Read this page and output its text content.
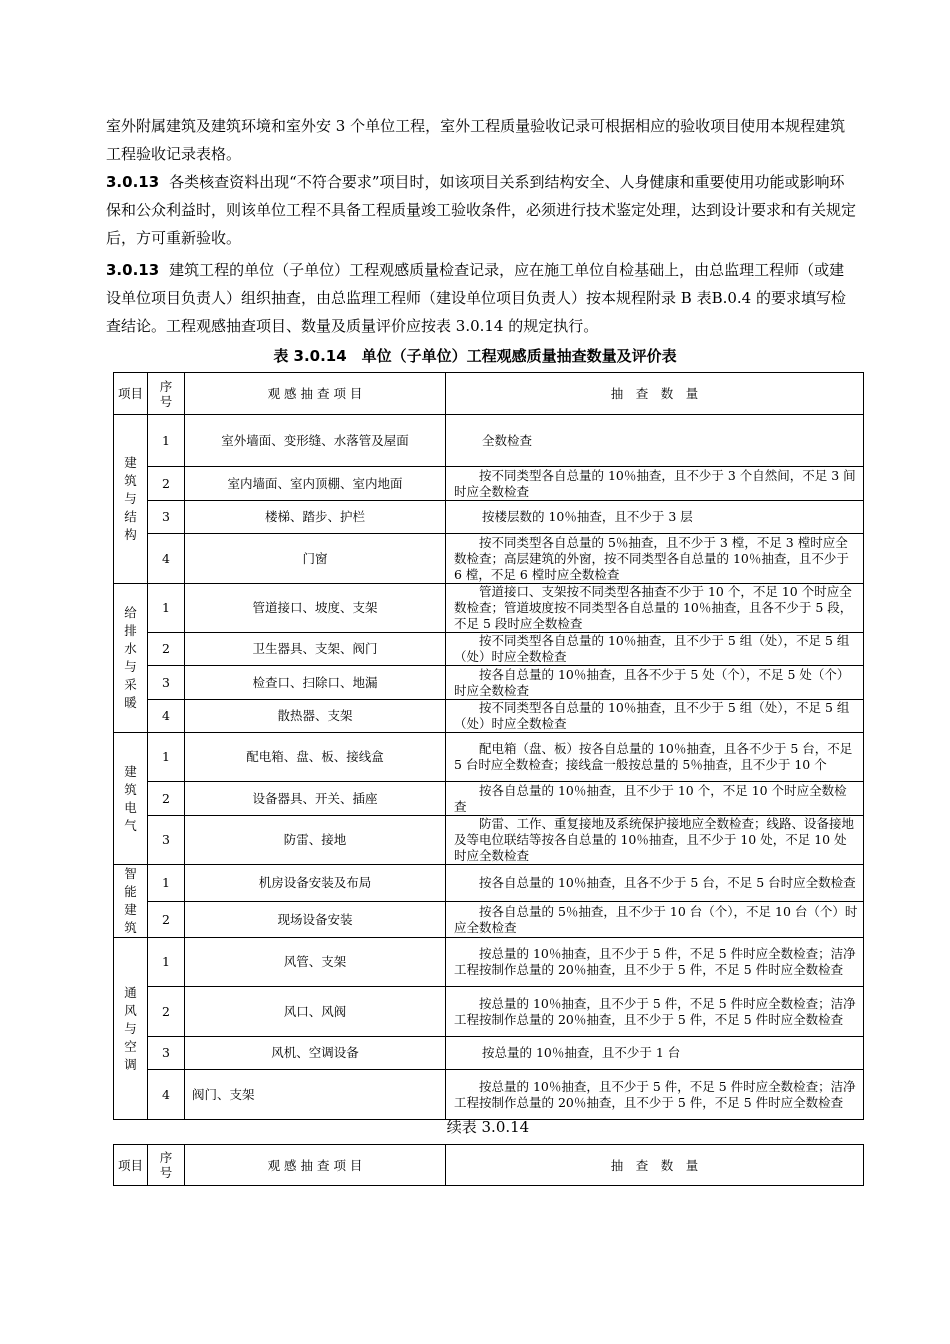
室外附属建筑及建筑环境和室外安 3 个单位工程，室外工程质量验收记录可根据相应的验收项目使用本规程建筑工程验收记录表格。

3.0.13 各类核查资料出现“不符合要求”项目时，如该项目关系到结构安全、人身健康和重要使用功能或影响环保和公众利益时，则该单位工程不具备工程质量竣工验收条件，必须进行技术鉴定处理，达到设计要求和有关规定后，方可重新验收。

3.0.13 建筑工程的单位（子单位）工程观感质量检查记录，应在施工单位自检基础上，由总监理工程师（或建设单位项目负责人）组织抽查，由总监理工程师（建设单位项目负责人）按本规程附录 B 表B.0.4 的要求填写检查结论。工程观感抽查项目、数量及质量评价应按表 3.0.14 的规定执行。

表 3.0.14　单位（子单位）工程观感质量抽查数量及评价表
项目	序号	观 感 抽 查 项 目	抽　查　数　量
建筑与结构	1	室外墙面、变形缝、水落管及屋面	全数检查
	2	室内墙面、室内顶棚、室内地面	按不同类型各自总量的 10％抽查，且不少于 3 个自然间，不足 3 间时应全数检查

	3	楼梯、踏步、护栏	按楼层数的 10％抽查，且不少于 3 层
	4	门窗	按不同类型各自总量的 5％抽查，且不少于 3 樘，不足 3 樘时应全数检查；高层建筑的外窗，按不同类型各自总量的 10％抽查，且不少于 6 樘，不足 6 樘时应全数检查

给排水与采暖	1	管道接口、坡度、支架	管道接口、支架按不同类型各抽查不少于 10 个，不足 10 个时应全数检查；管道坡度按不同类型各自总量的 10％抽查，且各不少于 5 段，不足 5 段时应全数检查

	2	卫生器具、支架、阀门	按不同类型各自总量的 10％抽查，且不少于 5 组（处），不足 5 组（处）时应全数检查

	3	检查口、扫除口、地漏	按各自总量的 10％抽查，且各不少于 5 处（个），不足 5 处（个）时应全数检查

	4	散热器、支架	按不同类型各自总量的 10％抽查，且不少于 5 组（处），不足 5 组（处）时应全数检查

建筑电气	1	配电箱、盘、板、接线盒	配电箱（盘、板）按各自总量的 10％抽查，且各不少于 5 台，不足 5 台时应全数检查；接线盒一般按总量的 5％抽查，且不少于 10 个

	2	设备器具、开关、插座	按各自总量的 10％抽查，且不少于 10 个，不足 10 个时应全数检查

	3	防雷、接地	防雷、工作、重复接地及系统保护接地应全数检查；线路、设备接地及等电位联结等按各自总量的 10％抽查，且不少于 10 处，不足 10 处时应全数检查

智能建筑	1	机房设备安装及布局	按各自总量的 10％抽查，且各不少于 5 台，不足 5 台时应全数检查

	2	现场设备安装	按各自总量的 5％抽查，且不少于 10 台（个），不足 10 台（个）时应全数检查

通风与空调	1	风管、支架	按总量的 10％抽查，且不少于 5 件，不足 5 件时应全数检查；洁净工程按制作总量的 20％抽查，且不少于 5 件，不足 5 件时应全数检查

	2	风口、风阀	按总量的 10％抽查，且不少于 5 件，不足 5 件时应全数检查；洁净工程按制作总量的 20％抽查，且不少于 5 件，不足 5 件时应全数检查

	3	风机、空调设备	按总量的 10％抽查，且不少于 1 台
	4	阀门、支架	按总量的 10％抽查，且不少于 5 件，不足 5 件时应全数检查；洁净工程按制作总量的 20％抽查，且不少于 5 件，不足 5 件时应全数检查
续表 3.0.14
项目	序号	观 感 抽 查 项 目	抽　查　数　量
